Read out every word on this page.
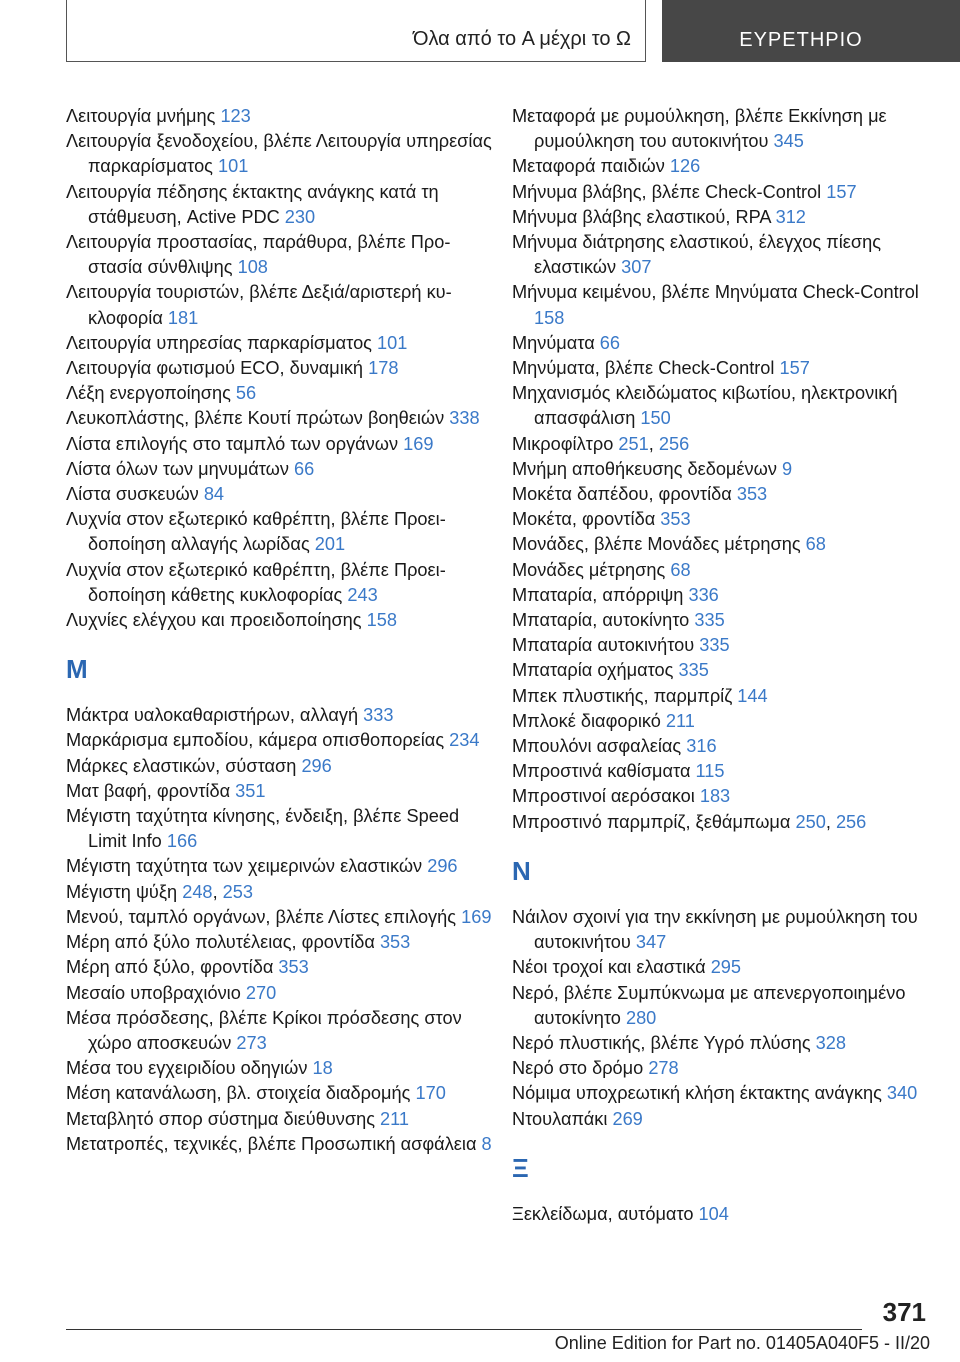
Όλα από το A μέχρι το Ω	ΕΥΡΕΤΗΡΙΟ
Λειτουργία μνήμης 123
Λειτουργία ξενοδοχείου, βλέπε Λειτουργία υπηρεσίας παρκαρίσματος 101
Λειτουργία πέδησης έκτακτης ανάγκης κατά τη στάθμευση, Active PDC 230
Λειτουργία προστασίας, παράθυρα, βλέπε Προστασία σύνθλιψης 108
Λειτουργία τουριστών, βλέπε Δεξιά/αριστερή κυκλοφορία 181
Λειτουργία υπηρεσίας παρκαρίσματος 101
Λειτουργία φωτισμού ECO, δυναμική 178
Λέξη ενεργοποίησης 56
Λευκοπλάστης, βλέπε Κουτί πρώτων βοηθειών 338
Λίστα επιλογής στο ταμπλό των οργάνων 169
Λίστα όλων των μηνυμάτων 66
Λίστα συσκευών 84
Λυχνία στον εξωτερικό καθρέπτη, βλέπε Προειδοποίηση αλλαγής λωρίδας 201
Λυχνία στον εξωτερικό καθρέπτη, βλέπε Προειδοποίηση κάθετης κυκλοφορίας 243
Λυχνίες ελέγχου και προειδοποίησης 158
Μ
Μάκτρα υαλοκαθαριστήρων, αλλαγή 333
Μαρκάρισμα εμποδίου, κάμερα οπισθοπορείας 234
Μάρκες ελαστικών, σύσταση 296
Ματ βαφή, φροντίδα 351
Μέγιστη ταχύτητα κίνησης, ένδειξη, βλέπε Speed Limit Info 166
Μέγιστη ταχύτητα των χειμερινών ελαστικών 296
Μέγιστη ψύξη 248, 253
Μενού, ταμπλό οργάνων, βλέπε Λίστες επιλογής 169
Μέρη από ξύλο πολυτέλειας, φροντίδα 353
Μέρη από ξύλο, φροντίδα 353
Μεσαίο υποβραχιόνιο 270
Μέσα πρόσδεσης, βλέπε Κρίκοι πρόσδεσης στον χώρο αποσκευών 273
Μέσα του εγχειριδίου οδηγιών 18
Μέση κατανάλωση, βλ. στοιχεία διαδρομής 170
Μεταβλητό σπορ σύστημα διεύθυνσης 211
Μετατροπές, τεχνικές, βλέπε Προσωπική ασφάλεια 8
Μεταφορά με ρυμούλκηση, βλέπε Εκκίνηση με ρυμούλκηση του αυτοκινήτου 345
Μεταφορά παιδιών 126
Μήνυμα βλάβης, βλέπε Check-Control 157
Μήνυμα βλάβης ελαστικού, RPA 312
Μήνυμα διάτρησης ελαστικού, έλεγχος πίεσης ελαστικών 307
Μήνυμα κειμένου, βλέπε Μηνύματα Check-Control 158
Μηνύματα 66
Μηνύματα, βλέπε Check-Control 157
Μηχανισμός κλειδώματος κιβωτίου, ηλεκτρονική απασφάλιση 150
Μικροφίλτρο 251, 256
Μνήμη αποθήκευσης δεδομένων 9
Μοκέτα δαπέδου, φροντίδα 353
Μοκέτα, φροντίδα 353
Μονάδες, βλέπε Μονάδες μέτρησης 68
Μονάδες μέτρησης 68
Μπαταρία, απόρριψη 336
Μπαταρία, αυτοκίνητο 335
Μπαταρία αυτοκινήτου 335
Μπαταρία οχήματος 335
Μπεκ πλυστικής, παρμπρίζ 144
Μπλοκέ διαφορικό 211
Μπουλόνι ασφαλείας 316
Μπροστινά καθίσματα 115
Μπροστινοί αερόσακοι 183
Μπροστινό παρμπρίζ, ξεθάμπωμα 250, 256
Ν
Νάιλον σχοινί για την εκκίνηση με ρυμούλκηση του αυτοκινήτου 347
Νέοι τροχοί και ελαστικά 295
Νερό, βλέπε Συμπύκνωμα με απενεργοποιημένο αυτοκίνητο 280
Νερό πλυστικής, βλέπε Υγρό πλύσης 328
Νερό στο δρόμο 278
Νόμιμα υποχρεωτική κλήση έκτακτης ανάγκης 340
Ντουλαπάκι 269
Ξ
Ξεκλείδωμα, αυτόματο 104
371
Online Edition for Part no. 01405A040F5 - II/20
